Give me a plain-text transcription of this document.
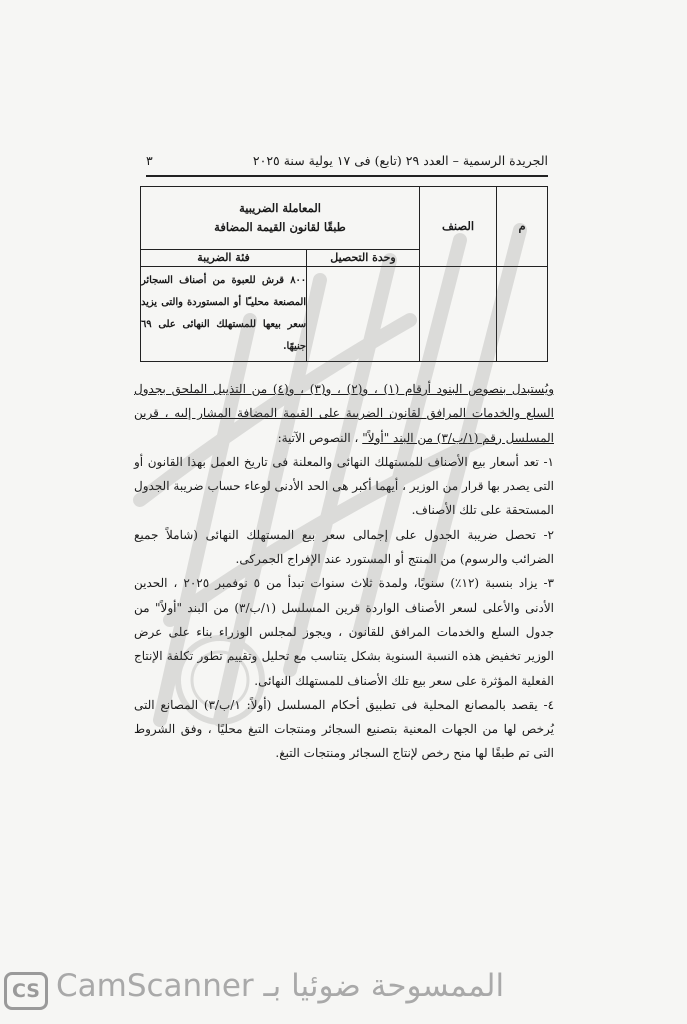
الجريدة الرسمية – العدد ٢٩ (تابع) فى ١٧ يولية سنة ٢٠٢٥
٣
م	الصنف	المعاملة الضريبية
طبقًا لقانون القيمة المضافة	

		وحدة التحصيل	فئة الضريبة
			٨٠٠ قرش للعبوة من أصناف السجائر المصنعة محليـًا أو المستوردة والتى يزيد سعر بيعها للمستهلك النهائى على ٦٩ جنيهًا.

ويُستبدل بنصوص البنود أرقام (١) ، و(٢) ، و(٣) ، و(٤) من التذييل الملحق بجدول السلع والخدمات المرافق لقانون الضريبة على القيمة المضافة المشار إليه ، قرين المسلسل رقم (١/ب/٣) من البند "أولاً" ، النصوص الآتية:

١- تعد أسعار بيع الأصناف للمستهلك النهائى والمعلنة فى تاريخ العمل بهذا القانون أو التى يصدر بها قرار من الوزير ، أيهما أكبر هى الحد الأدنى لوعاء حساب ضريبة الجدول المستحقة على تلك الأصناف.

٢- تحصل ضريبة الجدول على إجمالى سعر بيع المستهلك النهائى (شاملاً جميع الضرائب والرسوم) من المنتج أو المستورد عند الإفراج الجمركى.

٣- يزاد بنسبة (١٢٪) سنويًا، ولمدة ثلاث سنوات تبدأ من ٥ نوفمبر ٢٠٢٥ ، الحدين الأدنى والأعلى لسعر الأصناف الواردة قرين المسلسل (١/ب/٣) من البند "أولاً" من جدول السلع والخدمات المرافق للقانون ، ويجوز لمجلس الوزراء بناء على عرض الوزير تخفيض هذه النسبة السنوية بشكل يتناسب مع تحليل وتقييم تطور تكلفة الإنتاج الفعلية المؤثرة على سعر بيع تلك الأصناف للمستهلك النهائى.

٤- يقصد بالمصانع المحلية فى تطبيق أحكام المسلسل (أولاً: ١/ب/٣) المصانع التى يُرخص لها من الجهات المعنية بتصنيع السجائر ومنتجات التبغ محليًا ، وفق الشروط التى تم طبقًا لها منح رخص لإنتاج السجائر ومنتجات التبغ.

CS CamScanner الممسوحة ضوئيا بـ
